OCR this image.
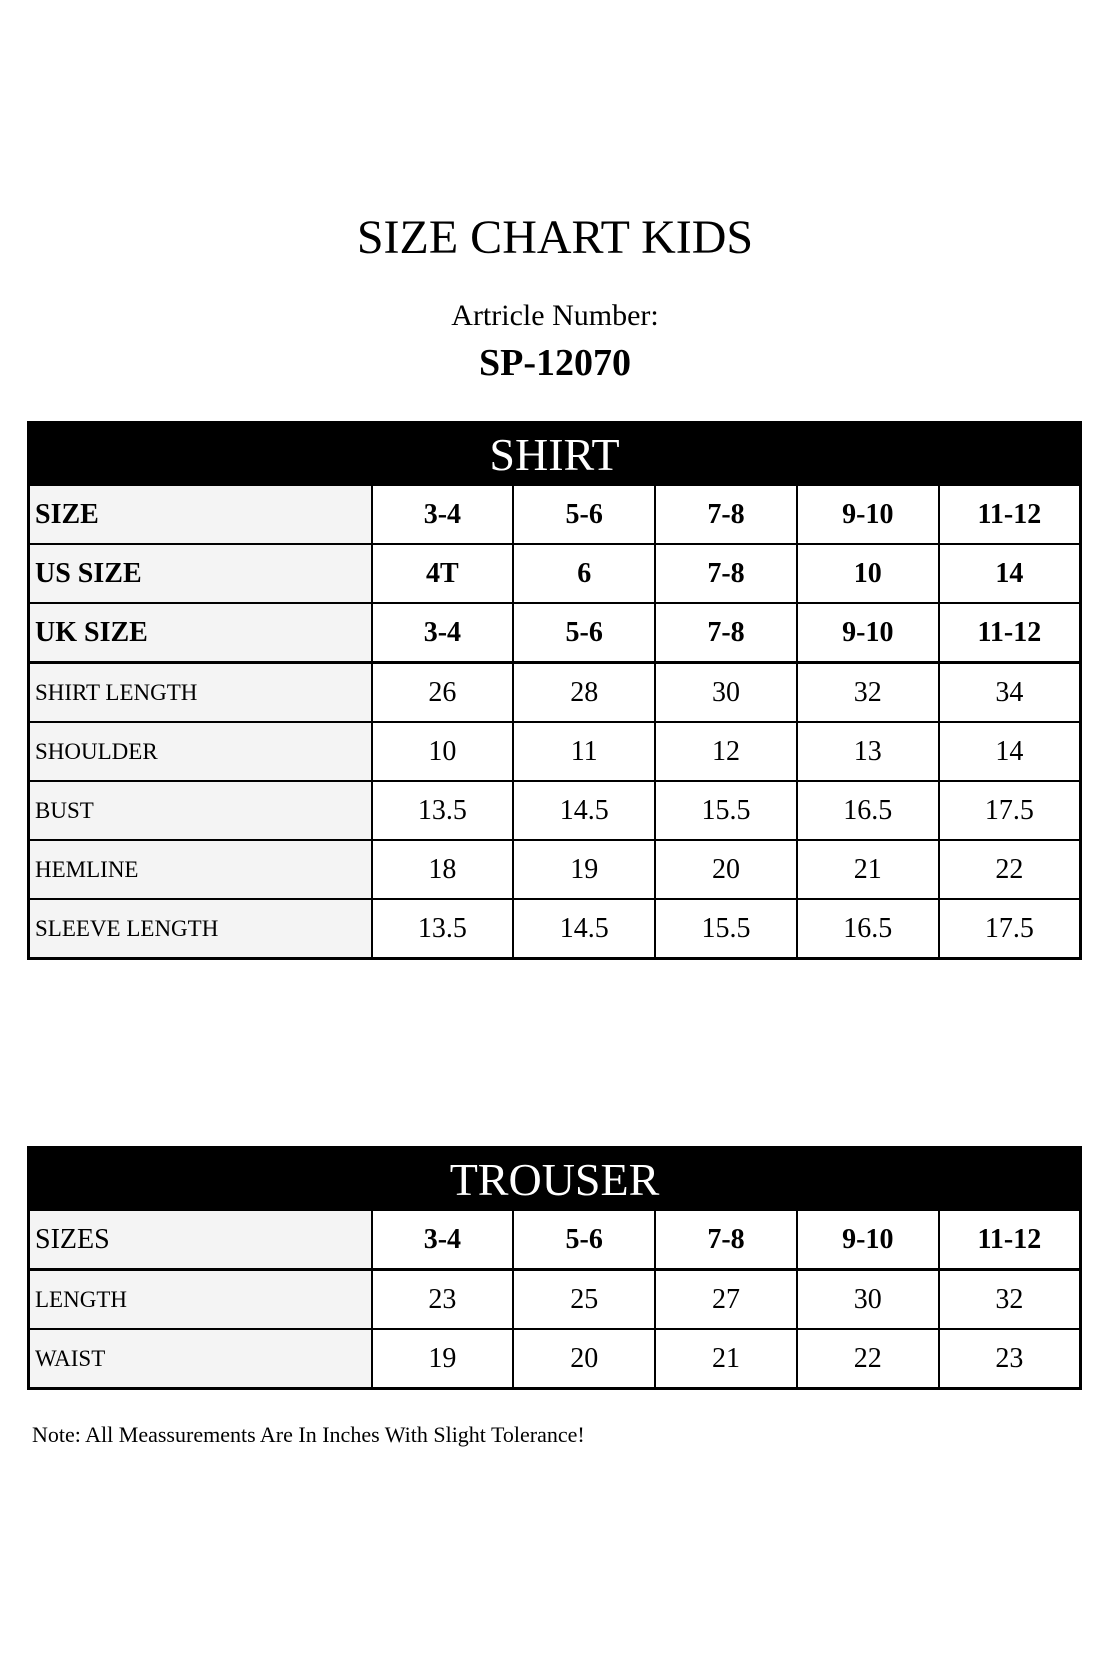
SIZE CHART KIDS
Artricle Number:
SP-12070
SHIRT					
SIZE	3-4	5-6	7-8	9-10	11-12
US SIZE	4T	6	7-8	10	14
UK SIZE	3-4	5-6	7-8	9-10	11-12
SHIRT LENGTH	26	28	30	32	34
SHOULDER	10	11	12	13	14
BUST	13.5	14.5	15.5	16.5	17.5
HEMLINE	18	19	20	21	22
SLEEVE LENGTH	13.5	14.5	15.5	16.5	17.5
TROUSER					
SIZES	3-4	5-6	7-8	9-10	11-12
LENGTH	23	25	27	30	32
WAIST	19	20	21	22	23
Note: All Meassurements Are In Inches With Slight Tolerance!
